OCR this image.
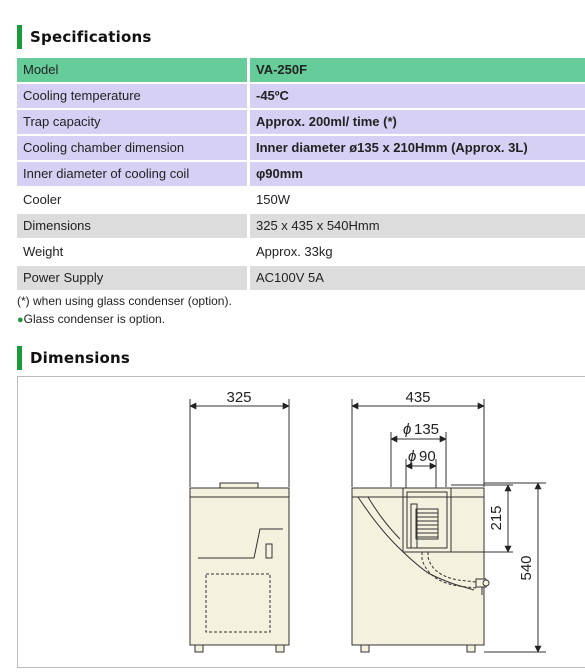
Specifications
Model		VA-250F
Cooling temperature		-45ºC
Trap capacity		Approx. 200ml/ time (*)
Cooling chamber dimension		Inner diameter ø135 x 210Hmm (Approx. 3L)
Inner diameter of cooling coil		φ90mm
Cooler		150W
Dimensions		325 x 435 x 540Hmm
Weight		Approx. 33kg
Power Supply		AC100V 5A
(*) when using glass condenser (option).
●Glass condenser is option.
Dimensions
325	435
ϕ 135
ϕ 90
215
540
